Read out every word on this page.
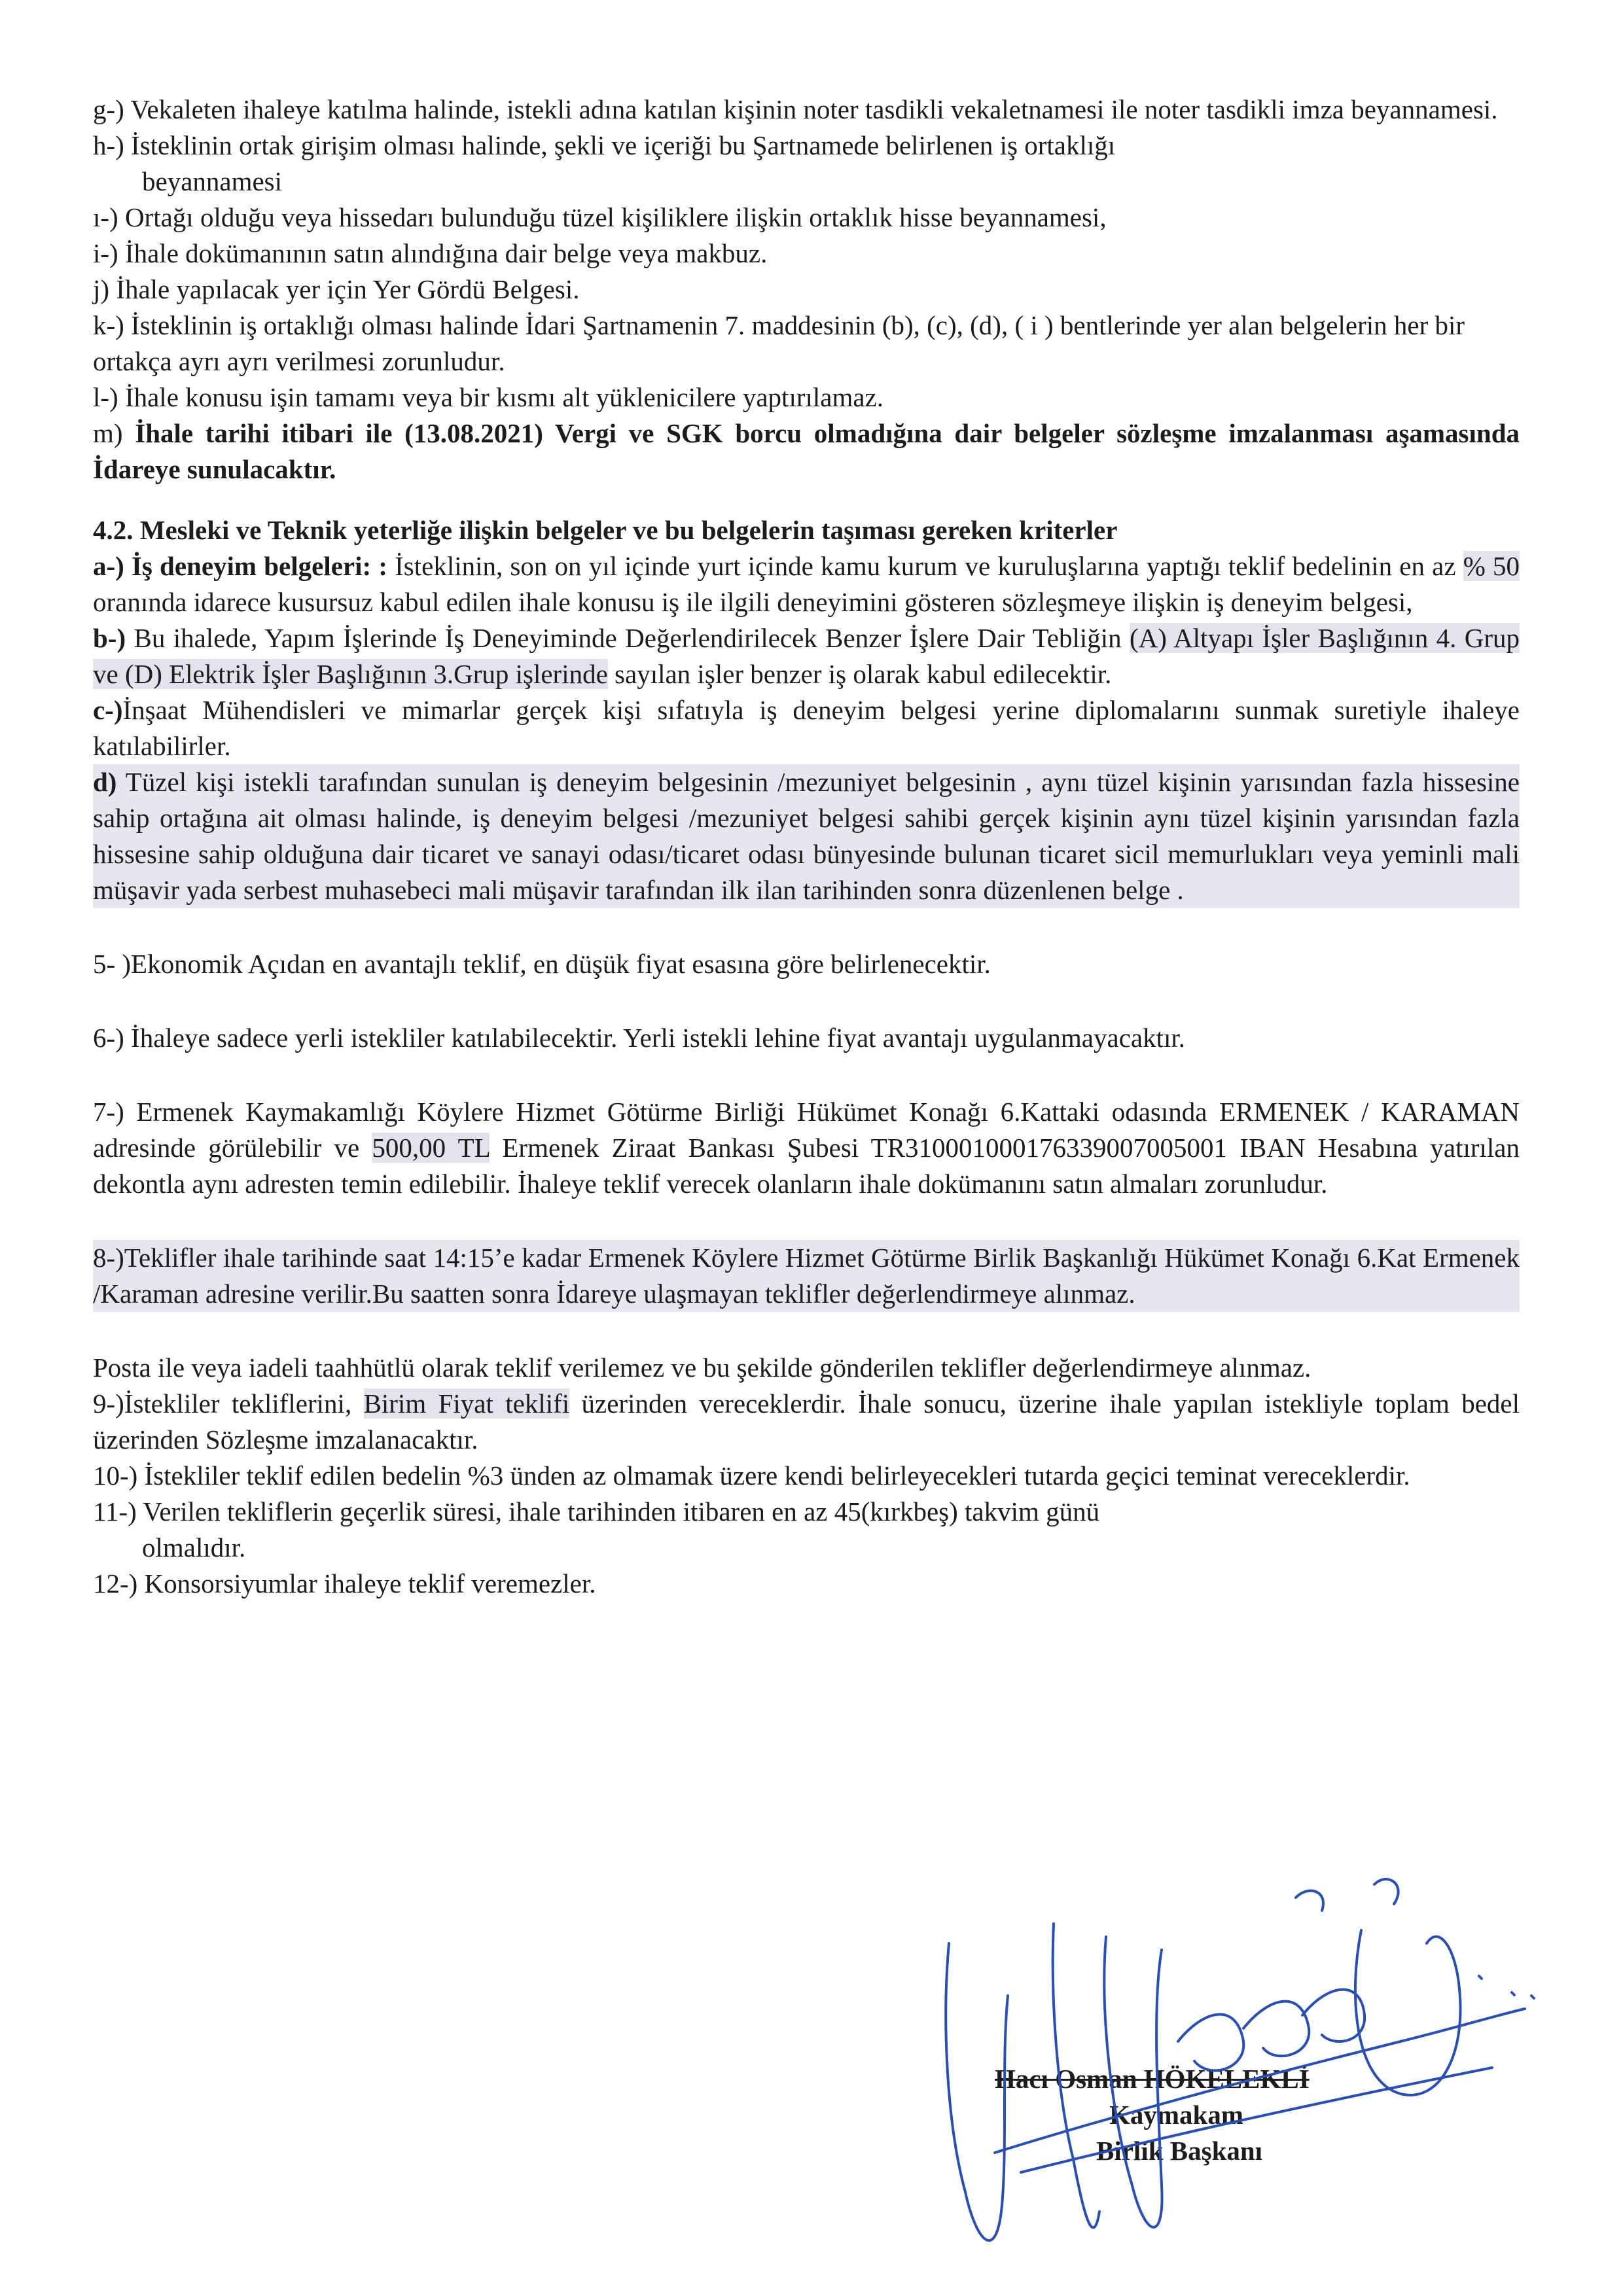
g-) Vekaleten ihaleye katılma halinde, istekli adına katılan kişinin noter tasdikli vekaletnamesi ile noter tasdikli imza beyannamesi.

h-) İsteklinin ortak girişim olması halinde, şekli ve içeriği bu Şartnamede belirlenen iş ortaklığı

beyannamesi

ı-) Ortağı olduğu veya hissedarı bulunduğu tüzel kişiliklere ilişkin ortaklık hisse beyannamesi,

i-) İhale dokümanının satın alındığına dair belge veya makbuz.

j) İhale yapılacak yer için Yer Gördü Belgesi.

k-) İsteklinin iş ortaklığı olması halinde İdari Şartnamenin 7. maddesinin (b), (c), (d), ( i ) bentlerinde yer alan belgelerin her bir ortakça ayrı ayrı verilmesi zorunludur.

l-) İhale konusu işin tamamı veya bir kısmı alt yüklenicilere yaptırılamaz.

m) İhale tarihi itibari ile (13.08.2021) Vergi ve SGK borcu olmadığına dair belgeler sözleşme imzalanması aşamasında İdareye sunulacaktır.

4.2. Mesleki ve Teknik yeterliğe ilişkin belgeler ve bu belgelerin taşıması gereken kriterler

a-) İş deneyim belgeleri: : İsteklinin, son on yıl içinde yurt içinde kamu kurum ve kuruluşlarına yaptığı teklif bedelinin en az % 50 oranında idarece kusursuz kabul edilen ihale konusu iş ile ilgili deneyimini gösteren sözleşmeye ilişkin iş deneyim belgesi,

b-) Bu ihalede, Yapım İşlerinde İş Deneyiminde Değerlendirilecek Benzer İşlere Dair Tebliğin (A) Altyapı İşler Başlığının 4. Grup ve (D) Elektrik İşler Başlığının 3.Grup işlerinde sayılan işler benzer iş olarak kabul edilecektir.

c-)İnşaat Mühendisleri ve mimarlar gerçek kişi sıfatıyla iş deneyim belgesi yerine diplomalarını sunmak suretiyle ihaleye katılabilirler.

d) Tüzel kişi istekli tarafından sunulan iş deneyim belgesinin /mezuniyet belgesinin , aynı tüzel kişinin yarısından fazla hissesine sahip ortağına ait olması halinde, iş deneyim belgesi /mezuniyet belgesi sahibi gerçek kişinin aynı tüzel kişinin yarısından fazla hissesine sahip olduğuna dair ticaret ve sanayi odası/ticaret odası bünyesinde bulunan ticaret sicil memurlukları veya yeminli mali müşavir yada serbest muhasebeci mali müşavir tarafından ilk ilan tarihinden sonra düzenlenen belge .

5- )Ekonomik Açıdan en avantajlı teklif, en düşük fiyat esasına göre belirlenecektir.

6-) İhaleye sadece yerli istekliler katılabilecektir. Yerli istekli lehine fiyat avantajı uygulanmayacaktır.

7-) Ermenek Kaymakamlığı Köylere Hizmet Götürme Birliği Hükümet Konağı 6.Kattaki odasında ERMENEK / KARAMAN adresinde görülebilir ve 500,00 TL Ermenek Ziraat Bankası Şubesi TR310001000176339007005001 IBAN Hesabına yatırılan dekontla aynı adresten temin edilebilir. İhaleye teklif verecek olanların ihale dokümanını satın almaları zorunludur.

8-)Teklifler ihale tarihinde saat 14:15’e kadar Ermenek Köylere Hizmet Götürme Birlik Başkanlığı Hükümet Konağı 6.Kat Ermenek /Karaman adresine verilir.Bu saatten sonra İdareye ulaşmayan teklifler değerlendirmeye alınmaz.

Posta ile veya iadeli taahhütlü olarak teklif verilemez ve bu şekilde gönderilen teklifler değerlendirmeye alınmaz.

9-)İstekliler tekliflerini, Birim Fiyat teklifi üzerinden vereceklerdir. İhale sonucu, üzerine ihale yapılan istekliyle toplam bedel üzerinden Sözleşme imzalanacaktır.

10-) İstekliler teklif edilen bedelin %3 ünden az olmamak üzere kendi belirleyecekleri tutarda geçici teminat vereceklerdir.

11-) Verilen tekliflerin geçerlik süresi, ihale tarihinden itibaren en az 45(kırkbeş) takvim günü

olmalıdır.

12-) Konsorsiyumlar ihaleye teklif veremezler.

Hacı Osman HÖKELEKLİ
Kaymakam
Birlik Başkanı
